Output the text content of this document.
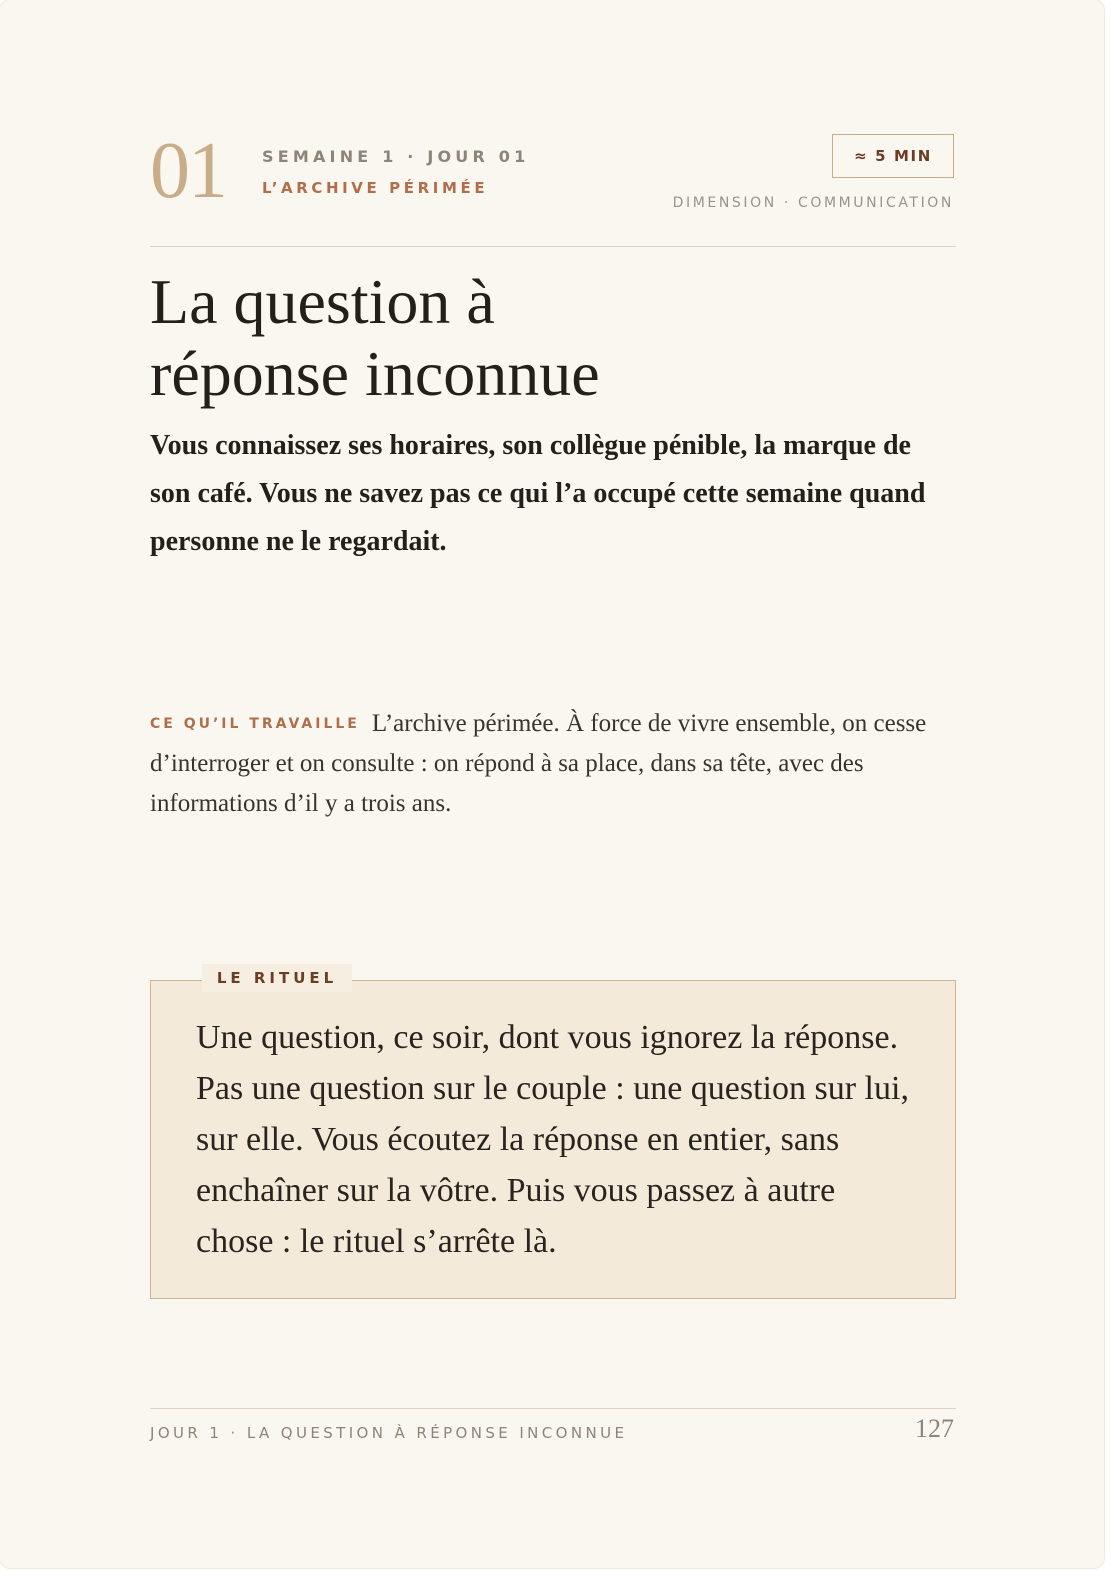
01 SEMAINE 1 · JOUR 01
L’ARCHIVE PÉRIMÉE
≈ 5 MIN
DIMENSION · COMMUNICATION
La question à
réponse inconnue

Vous connaissez ses horaires, son collègue pénible, la marque de son café. Vous ne savez pas ce qui l’a occupé cette semaine quand personne ne le regardait.

CE QU’IL TRAVAILLE L’archive périmée. À force de vivre ensemble, on cesse d’interroger et on consulte : on répond à sa place, dans sa tête, avec des informations d’il y a trois ans.

LE RITUEL

Une question, ce soir, dont vous ignorez la réponse. Pas une question sur le couple : une question sur lui, sur elle. Vous écoutez la réponse en entier, sans enchaîner sur la vôtre. Puis vous passez à autre chose : le rituel s’arrête là.

JOUR 1 · LA QUESTION À RÉPONSE INCONNUE	127
